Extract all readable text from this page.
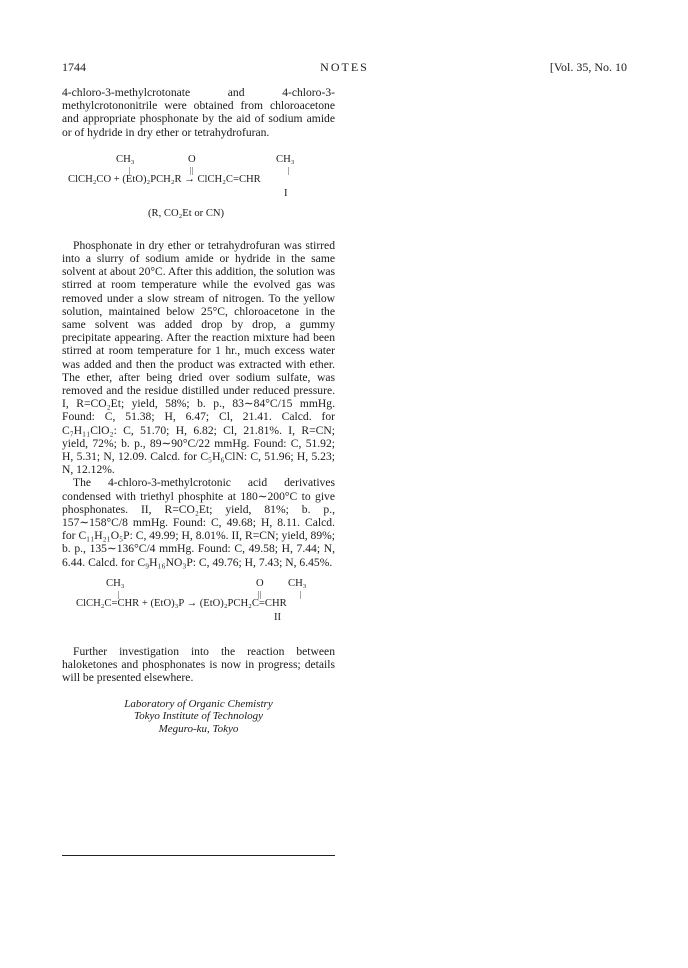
1744	NOTES	[Vol. 35, No. 10

4-chloro-3-methylcrotonate and 4-chloro-3-methylcrotononitrile were obtained from chloroacetone and appropriate phosphonate by the aid of sodium amide or of hydride in dry ether or tetrahydrofuran.

CH₃
|
O
||
CH₃
|
ClCH₂CO + (EtO)₂PCH₂R → ClCH₂C=CHR
I
(R, CO₂Et or CN)

Phosphonate in dry ether or tetrahydrofuran was stirred into a slurry of sodium amide or hydride in the same solvent at about 20°C. After this addition, the solution was stirred at room temperature while the evolved gas was removed under a slow stream of nitrogen. To the yellow solution, maintained below 25°C, chloroacetone in the same solvent was added drop by drop, a gummy precipitate appearing. After the reaction mixture had been stirred at room temperature for 1 hr., much excess water was added and then the product was extracted with ether. The ether, after being dried over sodium sulfate, was removed and the residue distilled under reduced pressure. I, R=CO₂Et; yield, 58%; b. p., 83∼84°C/15 mmHg. Found: C, 51.38; H, 6.47; Cl, 21.41. Calcd. for C₇H₁₁ClO₂: C, 51.70; H, 6.82; Cl, 21.81%. I, R=CN; yield, 72%; b. p., 89∼90°C/22 mmHg. Found: C, 51.92; H, 5.31; N, 12.09. Calcd. for C₅H₆ClN: C, 51.96; H, 5.23; N, 12.12%.

The 4-chloro-3-methylcrotonic acid derivatives condensed with triethyl phosphite at 180∼200°C to give phosphonates. II, R=CO₂Et; yield, 81%; b. p., 157∼158°C/8 mmHg. Found: C, 49.68; H, 8.11. Calcd. for C₁₁H₂₁O₅P: C, 49.99; H, 8.01%. II, R=CN; yield, 89%; b. p., 135∼136°C/4 mmHg. Found: C, 49.58; H, 7.44; N, 6.44. Calcd. for C₉H₁₆NO₃P: C, 49.76; H, 7.43; N, 6.45%.

CH₃
|
O
||
CH₃
|
ClCH₂C=CHR + (EtO)₃P → (EtO)₂PCH₂C=CHR
II

Further investigation into the reaction between haloketones and phosphonates is now in progress; details will be presented elsewhere.

Laboratory of Organic Chemistry
Tokyo Institute of Technology
Meguro-ku, Tokyo
